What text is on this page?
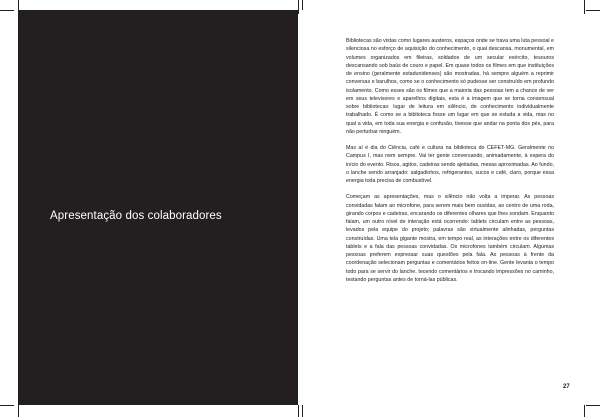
Apresentação dos colaboradores

Bibliotecas são vistas como lugares austeros, espaços onde se trava uma luta pessoal e silenciosa no esforço de aquisição do conhecimento, o qual descansa, monumental, em volumes organizados em fileiras, soldados de um secular exército, tesouros descansando sob baús de couro e papel. Em quase todos os filmes em que instituições de ensino (geralmente estadunidenses) são mostradas, há sempre alguém a reprimir conversas e barulhos, como se o conhecimento só pudesse ser construído em profundo isolamento. Como esses são os filmes que a maioria das pessoas tem a chance de ver em seus televisores e aparelhos digitais, esta é a imagem que se torna consensual sobre bibliotecas: lugar de leitura em silêncio, de conhecimento individualmente trabalhado. É como se a biblioteca fosse um lugar em que se estuda a vida, mas no qual a vida, em toda sua energia e confusão, tivesse que andar na ponta dos pés, para não perturbar ninguém.

Mas aí é dia do Ciência, café e cultura na biblioteca do CEFET-MG. Geralmente no Campus I, mas nem sempre. Vai ter gente conversando, animadamente, à espera do início do evento. Risos, agitos, cadeiras sendo ajeitadas, mesas aproximadas. Ao fundo, o lanche sendo arranjado: salgadinhos, refrigerantes, sucos e café, claro, porque essa energia toda precisa de combustível.

Começam as apresentações, mas o silêncio não volta a imperar. As pessoas convidadas falam ao microfone, para serem mais bem ouvidas, ao centro de uma roda, girando corpos e cadeiras, encarando os diferentes olhares que lhes sondam. Enquanto falam, um outro nível de interação está ocorrendo: tablets circulam entre as pessoas, levados pela equipe do projeto; palavras são virtualmente alinhadas, perguntas construídas. Uma tela gigante mostra, em tempo real, as interações entre os diferentes tablets e a fala das pessoas convidadas. Os microfones também circulam. Algumas pessoas preferem expressar suas questões pela fala. As pessoas à frente da coordenação selecionam perguntas e comentários feitos on-line. Gente levanta o tempo todo para se servir do lanche, tecendo comentários e trocando impressões no caminho, testando perguntas antes de torná-las públicas.

27
